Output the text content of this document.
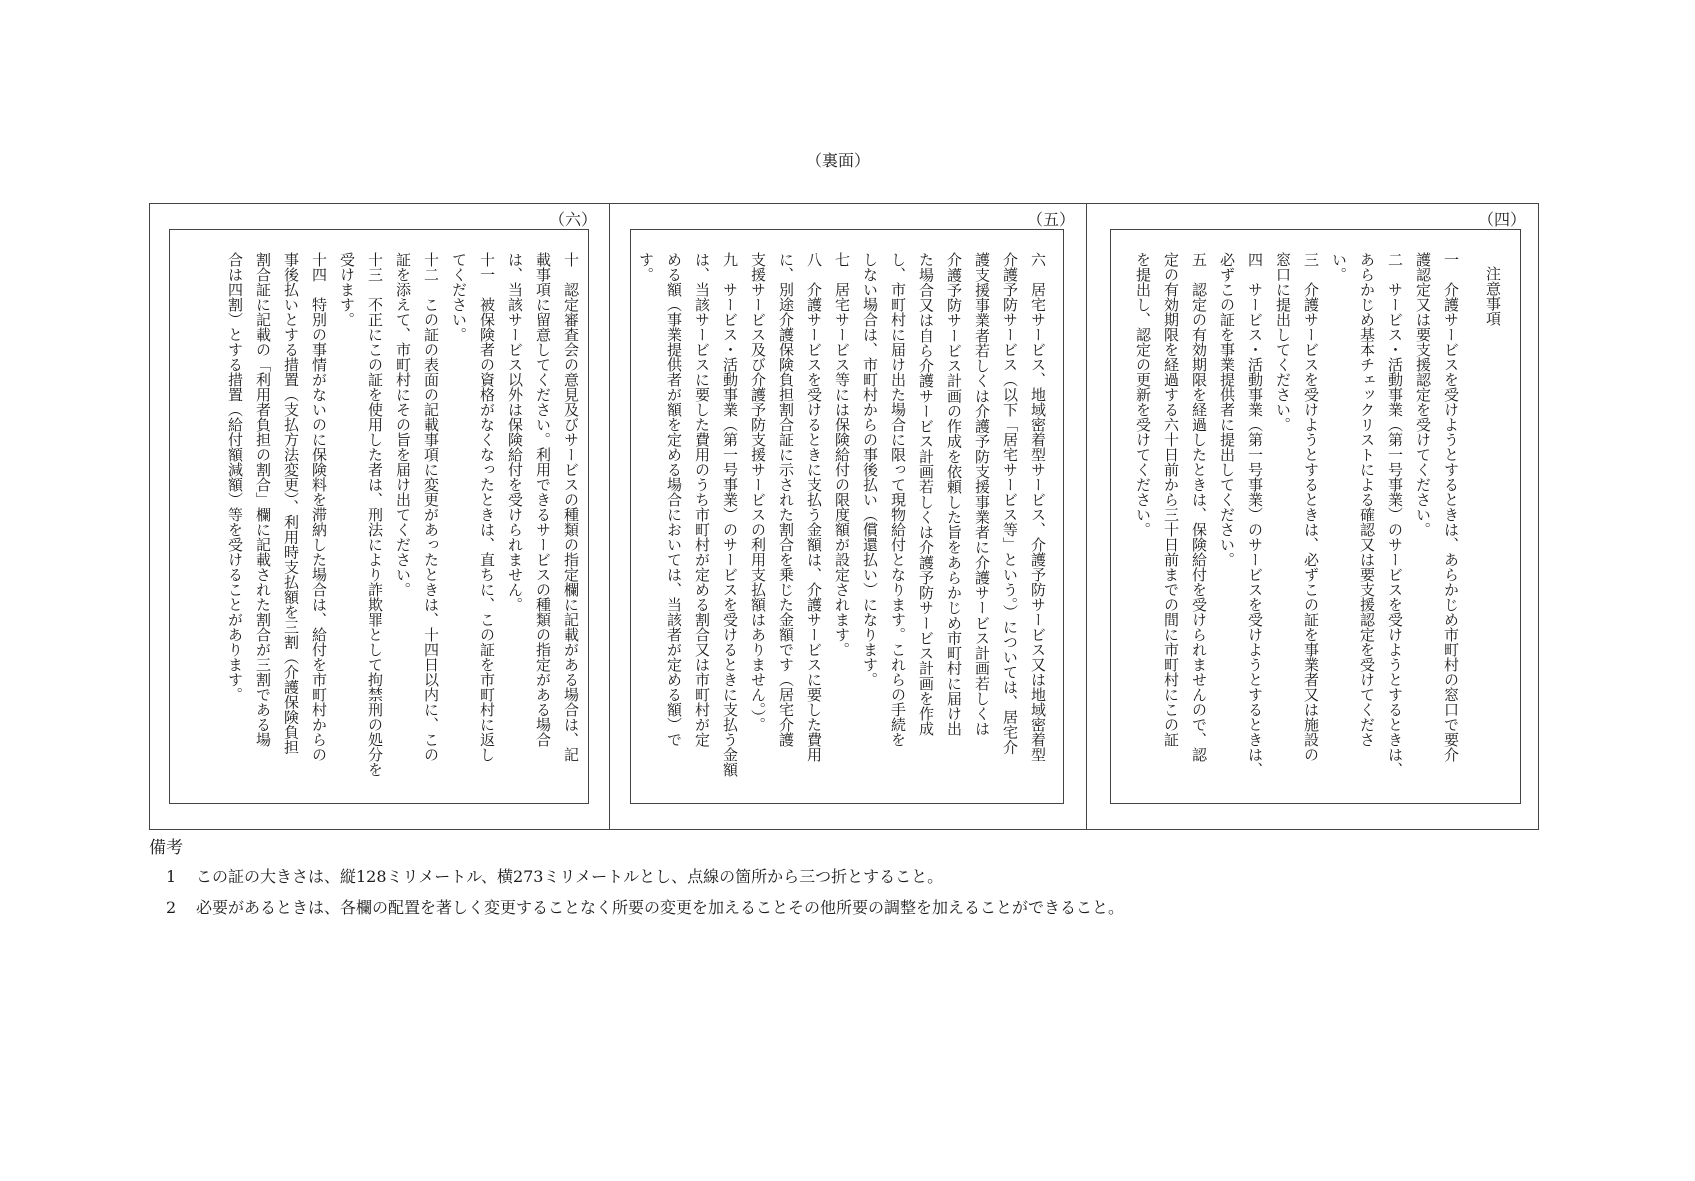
（裏面）
（四）
注意事項
一　介護サービスを受けようとするときは、あらかじめ市町村の窓口で要介
護認定又は要支援認定を受けてください。
二　サービス・活動事業（第一号事業）のサービスを受けようとするときは、
あらかじめ基本チェックリストによる確認又は要支援認定を受けてくださ
い。
三　介護サービスを受けようとするときは、必ずこの証を事業者又は施設の
窓口に提出してください。
四　サービス・活動事業（第一号事業）のサービスを受けようとするときは、
必ずこの証を事業提供者に提出してください。
五　認定の有効期限を経過したときは、保険給付を受けられませんので、認
定の有効期限を経過する六十日前から三十日前までの間に市町村にこの証
を提出し、認定の更新を受けてください。
（五）
六　居宅サービス、地域密着型サービス、介護予防サービス又は地域密着型
介護予防サービス（以下「居宅サービス等」という。）については、居宅介
護支援事業者若しくは介護予防支援事業者に介護サービス計画若しくは
介護予防サービス計画の作成を依頼した旨をあらかじめ市町村に届け出
た場合又は自ら介護サービス計画若しくは介護予防サービス計画を作成
し、市町村に届け出た場合に限って現物給付となります。これらの手続を
しない場合は、市町村からの事後払い（償還払い）になります。
七　居宅サービス等には保険給付の限度額が設定されます。
八　介護サービスを受けるときに支払う金額は、介護サービスに要した費用
に、別途介護保険負担割合証に示された割合を乗じた金額です（居宅介護
支援サービス及び介護予防支援サービスの利用支払額はありません。）。
九　サービス・活動事業（第一号事業）のサービスを受けるときに支払う金額
は、当該サービスに要した費用のうち市町村が定める割合又は市町村が定
める額（事業提供者が額を定める場合においては、当該者が定める額）で
す。
（六）
十　認定審査会の意見及びサービスの種類の指定欄に記載がある場合は、記
載事項に留意してください。利用できるサービスの種類の指定がある場合
は、当該サービス以外は保険給付を受けられません。
十一　被保険者の資格がなくなったときは、直ちに、この証を市町村に返し
てください。
十二　この証の表面の記載事項に変更があったときは、十四日以内に、この
証を添えて、市町村にその旨を届け出てください。
十三　不正にこの証を使用した者は、刑法により詐欺罪として拘禁刑の処分を
受けます。
十四　特別の事情がないのに保険料を滞納した場合は、給付を市町村からの
事後払いとする措置（支払方法変更）、利用時支払額を三割（介護保険負担
割合証に記載の「利用者負担の割合」欄に記載された割合が三割である場
合は四割）とする措置（給付額減額）等を受けることがあります。
備考
1 この証の大きさは、縦128ミリメートル、横273ミリメートルとし、点線の箇所から三つ折とすること。
2 必要があるときは、各欄の配置を著しく変更することなく所要の変更を加えることその他所要の調整を加えることができること。
